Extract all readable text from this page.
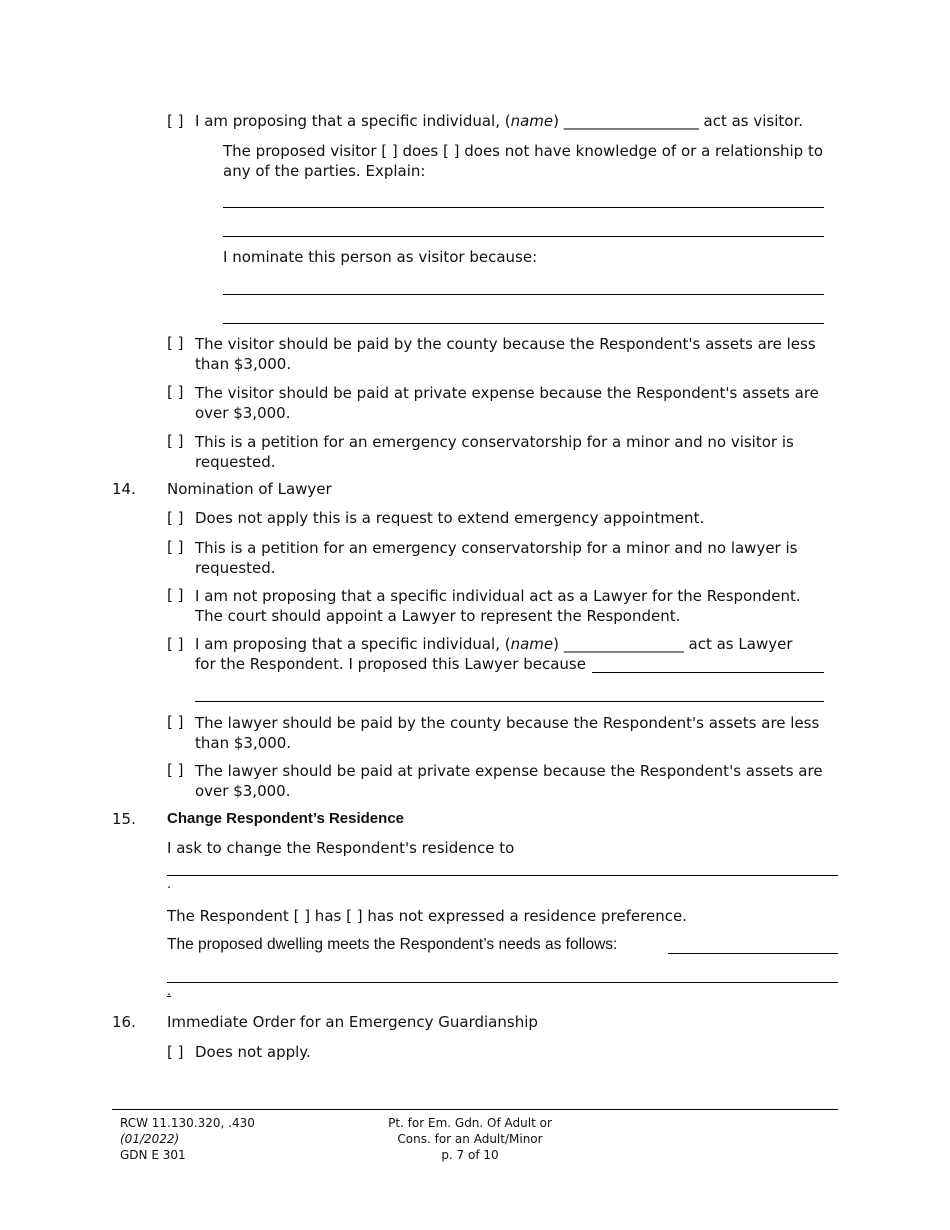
[ ] I am proposing that a specific individual, (name) __________________ act as visitor.
The proposed visitor [ ] does [ ] does not have knowledge of or a relationship to
any of the parties. Explain:
I nominate this person as visitor because:
[ ] The visitor should be paid by the county because the Respondent's assets are less
than $3,000.
[ ] The visitor should be paid at private expense because the Respondent's assets are
over $3,000.
[ ] This is a petition for an emergency conservatorship for a minor and no visitor is
requested.
14. Nomination of Lawyer
[ ] Does not apply this is a request to extend emergency appointment.
[ ] This is a petition for an emergency conservatorship for a minor and no lawyer is
requested.
[ ] I am not proposing that a specific individual act as a Lawyer for the Respondent.
The court should appoint a Lawyer to represent the Respondent.
[ ] I am proposing that a specific individual, (name) ________________ act as Lawyer
for the Respondent. I proposed this Lawyer because
[ ] The lawyer should be paid by the county because the Respondent's assets are less
than $3,000.
[ ] The lawyer should be paid at private expense because the Respondent's assets are
over $3,000.
15. Change Respondent’s Residence
I ask to change the Respondent's residence to
.
The Respondent [ ] has [ ] has not expressed a residence preference.
The proposed dwelling meets the Respondent’s needs as follows:
.
16. Immediate Order for an Emergency Guardianship
[ ] Does not apply.
RCW 11.130.320, .430
(01/2022)
GDN E 301
Pt. for Em. Gdn. Of Adult or
Cons. for an Adult/Minor
p. 7 of 10
